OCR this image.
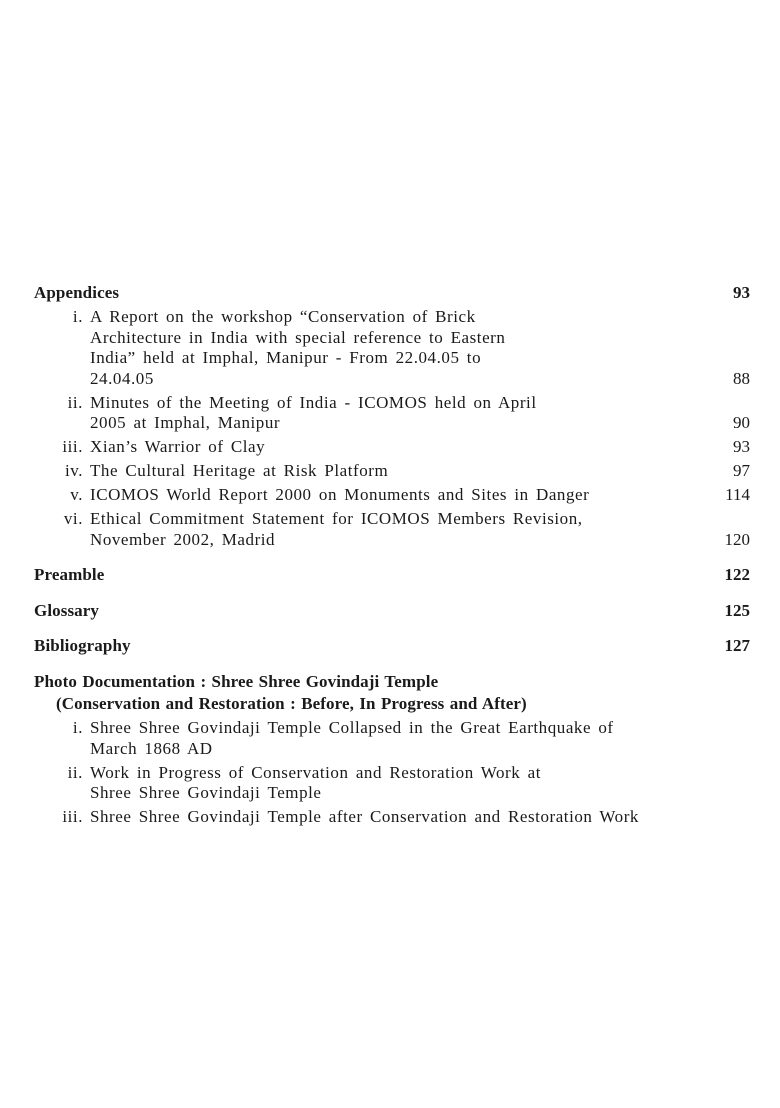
Appendices	93
i. A Report on the workshop “Conservation of Brick Architecture in India with special reference to Eastern India” held at Imphal, Manipur - From 22.04.05 to 24.04.05	88
ii. Minutes of the Meeting of India - ICOMOS held on April 2005 at Imphal, Manipur	90
iii. Xian’s Warrior of Clay	93
iv. The Cultural Heritage at Risk Platform	97
v. ICOMOS World Report 2000 on Monuments and Sites in Danger	114
vi. Ethical Commitment Statement for ICOMOS Members Revision, November 2002, Madrid	120
Preamble	122
Glossary	125
Bibliography	127
Photo Documentation : Shree Shree Govindaji Temple
(Conservation and Restoration : Before, In Progress and After)
i. Shree Shree Govindaji Temple Collapsed in the Great Earthquake of March 1868 AD
ii. Work in Progress of Conservation and Restoration Work at Shree Shree Govindaji Temple
iii. Shree Shree Govindaji Temple after Conservation and Restoration Work
